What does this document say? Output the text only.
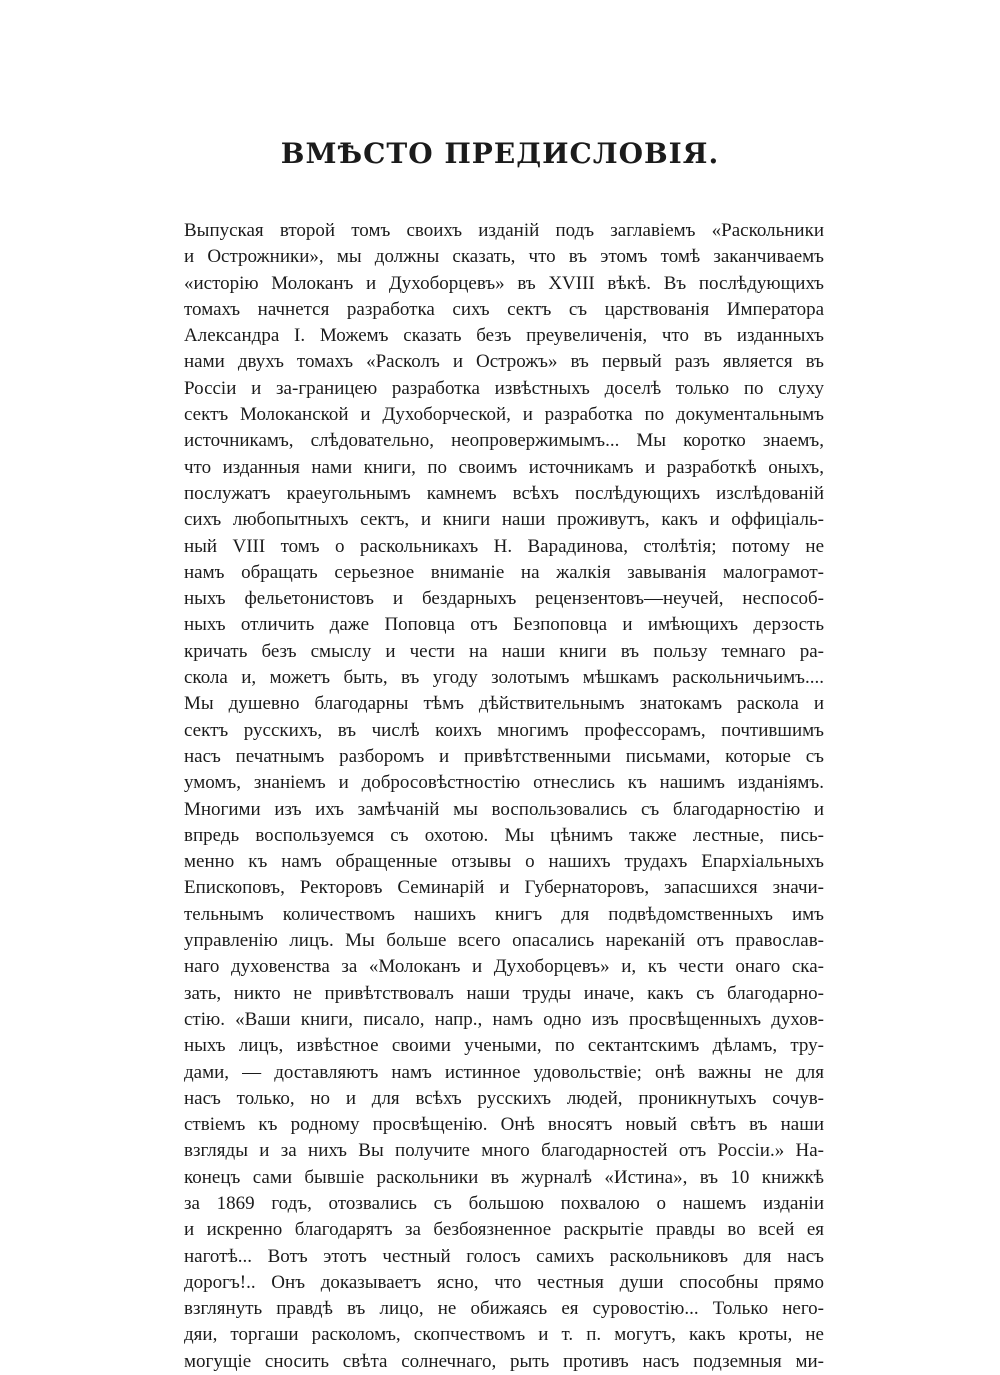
ВМѢСТО ПРЕДИСЛОВІЯ.
Выпуская второй томъ своихъ изданій подъ заглавіемъ «Раскольники
и Острожники», мы должны сказать, что въ этомъ томѣ заканчиваемъ
«исторію Молоканъ и Духоборцевъ» въ XVIII вѣкѣ. Въ послѣдующихъ
томахъ начнется разработка сихъ сектъ съ царствованія Императора
Александра I. Можемъ сказать безъ преувеличенія, что въ изданныхъ
нами двухъ томахъ «Расколъ и Острожъ» въ первый разъ является въ
Россіи и за-границею разработка извѣстныхъ доселѣ только по слуху
сектъ Молоканской и Духоборческой, и разработка по документальнымъ
источникамъ, слѣдовательно, неопровержимымъ... Мы коротко знаемъ,
что изданныя нами книги, по своимъ источникамъ и разработкѣ оныхъ,
послужатъ краеугольнымъ камнемъ всѣхъ послѣдующихъ изслѣдованій
сихъ любопытныхъ сектъ, и книги наши проживутъ, какъ и оффиціаль-
ный VIII томъ о раскольникахъ Н. Варадинова, столѣтія; потому не
намъ обращать серьезное вниманіе на жалкія завыванія малограмот-
ныхъ фельетонистовъ и бездарныхъ рецензентовъ—неучей, неспособ-
ныхъ отличить даже Поповца отъ Безпоповца и имѣющихъ дерзость
кричать безъ смыслу и чести на наши книги въ пользу темнаго ра-
скола и, можетъ быть, въ угоду золотымъ мѣшкамъ раскольничьимъ....
Мы душевно благодарны тѣмъ дѣйствительнымъ знатокамъ раскола и
сектъ русскихъ, въ числѣ коихъ многимъ профессорамъ, почтившимъ
насъ печатнымъ разборомъ и привѣтственными письмами, которые съ
умомъ, знаніемъ и добросовѣстностію отнеслись къ нашимъ изданіямъ.
Многими изъ ихъ замѣчаній мы воспользовались съ благодарностію и
впредь воспользуемся съ охотою. Мы цѣнимъ также лестные, пись-
менно къ намъ обращенные отзывы о нашихъ трудахъ Епархіальныхъ
Епископовъ, Ректоровъ Семинарій и Губернаторовъ, запасшихся значи-
тельнымъ количествомъ нашихъ книгъ для подвѣдомственныхъ имъ
управленію лицъ. Мы больше всего опасались нареканій отъ православ-
наго духовенства за «Молоканъ и Духоборцевъ» и, къ чести онаго ска-
зать, никто не привѣтствовалъ наши труды иначе, какъ съ благодарно-
стію. «Ваши книги, писало, напр., намъ одно изъ просвѣщенныхъ духов-
ныхъ лицъ, извѣстное своими учеными, по сектантскимъ дѣламъ, тру-
дами, — доставляютъ намъ истинное удовольствіе; онѣ важны не для
насъ только, но и для всѣхъ русскихъ людей, проникнутыхъ сочув-
ствіемъ къ родному просвѣщенію. Онѣ вносятъ новый свѣтъ въ наши
взгляды и за нихъ Вы получите много благодарностей отъ Россіи.» На-
конецъ сами бывшіе раскольники въ журналѣ «Истина», въ 10 книжкѣ
за 1869 годъ, отозвались съ большою похвалою о нашемъ изданіи
и искренно благодарятъ за безбоязненное раскрытіе правды во всей ея
наготѣ... Вотъ этотъ честный голосъ самихъ раскольниковъ для насъ
дорогъ!.. Онъ доказываетъ ясно, что честныя души способны прямо
взглянуть правдѣ въ лицо, не обижаясь ея суровостію... Только него-
дяи, торгаши расколомъ, скопчествомъ и т. п. могутъ, какъ кроты, не
могущіе сносить свѣта солнечнаго, рыть противъ насъ подземныя ми-
